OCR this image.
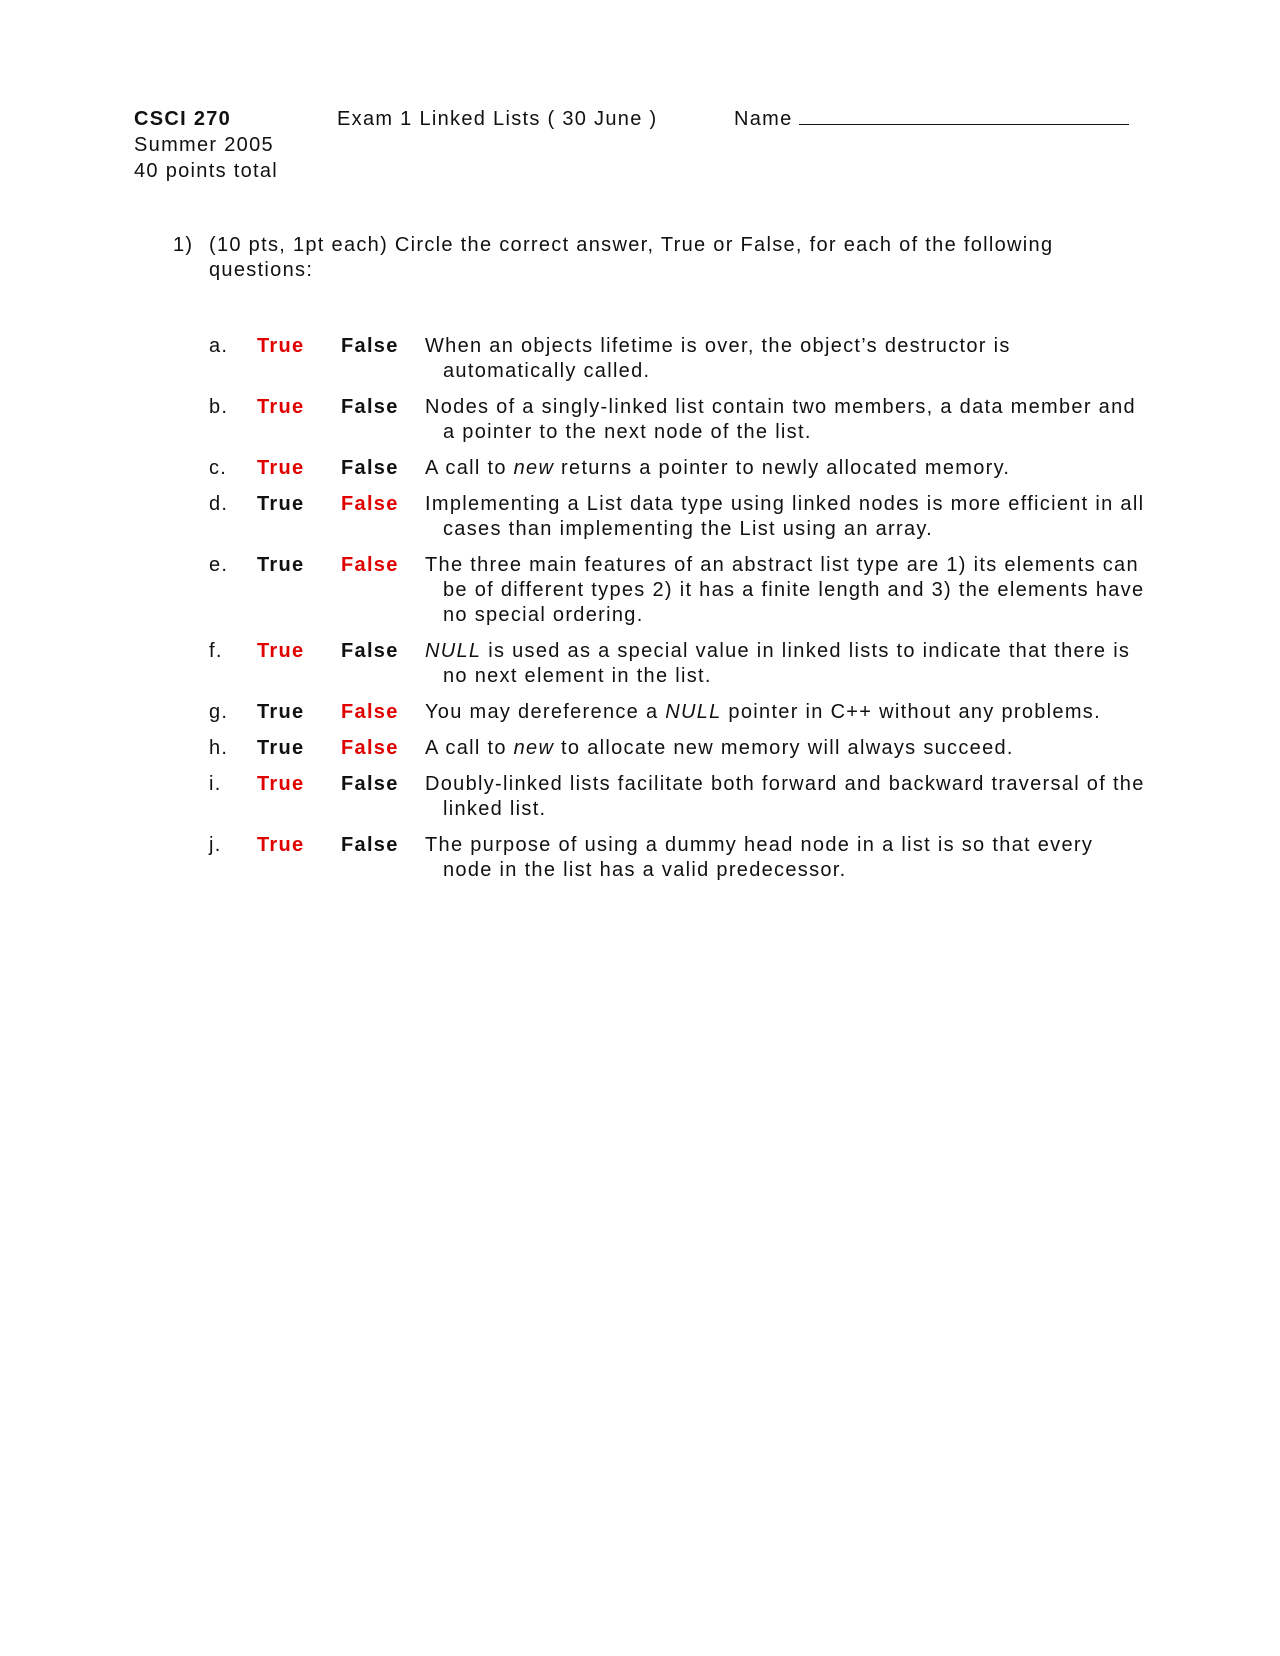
CSCI 270	Exam 1 Linked Lists ( 30 June )	Name
Summer 2005
40 points total
1) (10 pts, 1pt each) Circle the correct answer, True or False, for each of the following questions:
a. True False When an objects lifetime is over, the object’s destructor is automatically called.
b. True False Nodes of a singly-linked list contain two members, a data member and a pointer to the next node of the list.
c. True False A call to new returns a pointer to newly allocated memory.
d. True False Implementing a List data type using linked nodes is more efficient in all cases than implementing the List using an array.
e. True False The three main features of an abstract list type are 1) its elements can be of different types 2) it has a finite length and 3) the elements have no special ordering.
f. True False NULL is used as a special value in linked lists to indicate that there is no next element in the list.
g. True False You may dereference a NULL pointer in C++ without any problems.
h. True False A call to new to allocate new memory will always succeed.
i. True False Doubly-linked lists facilitate both forward and backward traversal of the linked list.
j. True False The purpose of using a dummy head node in a list is so that every node in the list has a valid predecessor.
